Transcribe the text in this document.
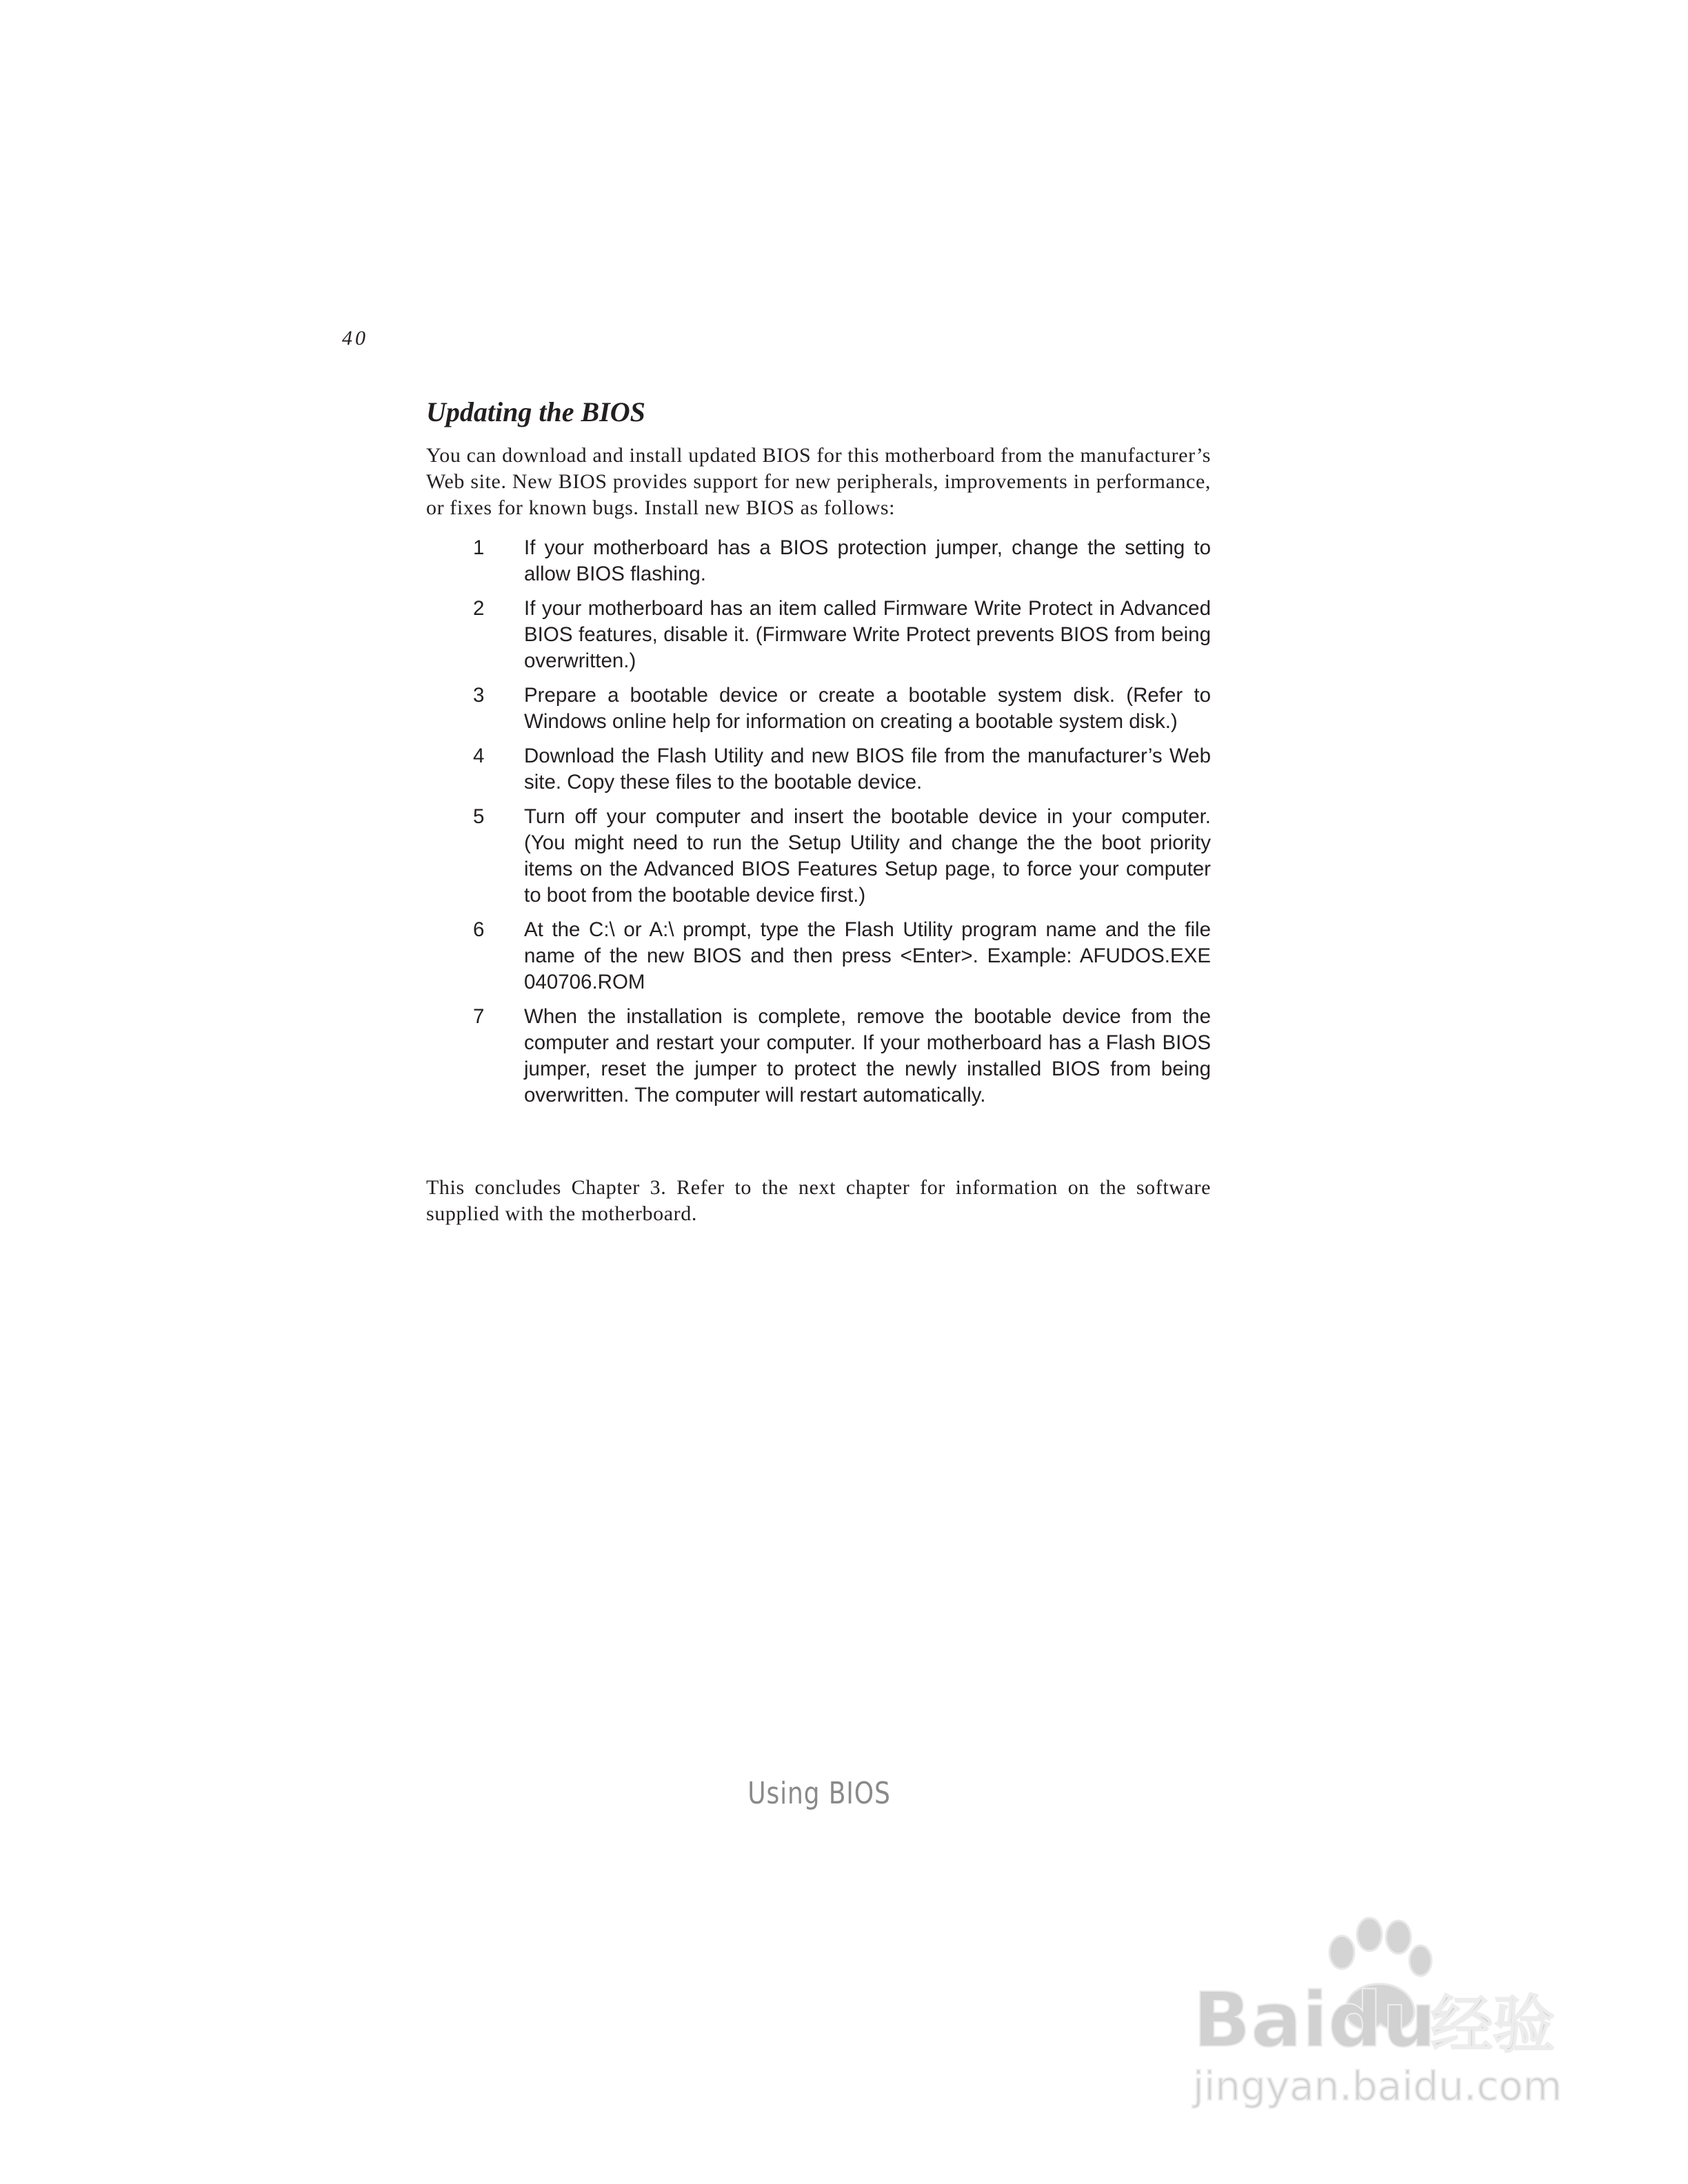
40
Updating the BIOS

You can download and install updated BIOS for this motherboard from the manufacturer’s Web site. New BIOS provides support for new peripherals, improvements in performance, or fixes for known bugs. Install new BIOS as follows:

1	If your motherboard has a BIOS protection jumper, change the setting to allow BIOS flashing.
2	If your motherboard has an item called Firmware Write Protect in Advanced BIOS features, disable it. (Firmware Write Protect prevents BIOS from being overwritten.)
3	Prepare a bootable device or create a bootable system disk. (Refer to Windows online help for information on creating a bootable system disk.)
4	Download the Flash Utility and new BIOS file from the manufacturer’s Web site. Copy these files to the bootable device.
5	Turn off your computer and insert the bootable device in your computer. (You might need to run the Setup Utility and change the the boot priority items on the Advanced BIOS Features Setup page, to force your computer to boot from the bootable device first.)
6	At the C:\ or A:\ prompt, type the Flash Utility program name and the file name of the new BIOS and then press <Enter>. Example: AFUDOS.EXE 040706.ROM
7	When the installation is complete, remove the bootable device from the computer and restart your computer. If your motherboard has a Flash BIOS jumper, reset the jumper to protect the newly installed BIOS from being overwritten. The computer will restart automatically.

This concludes Chapter 3. Refer to the next chapter for information on the software supplied with the motherboard.

Using BIOS
Baidu
经验
jingyan.baidu.com
